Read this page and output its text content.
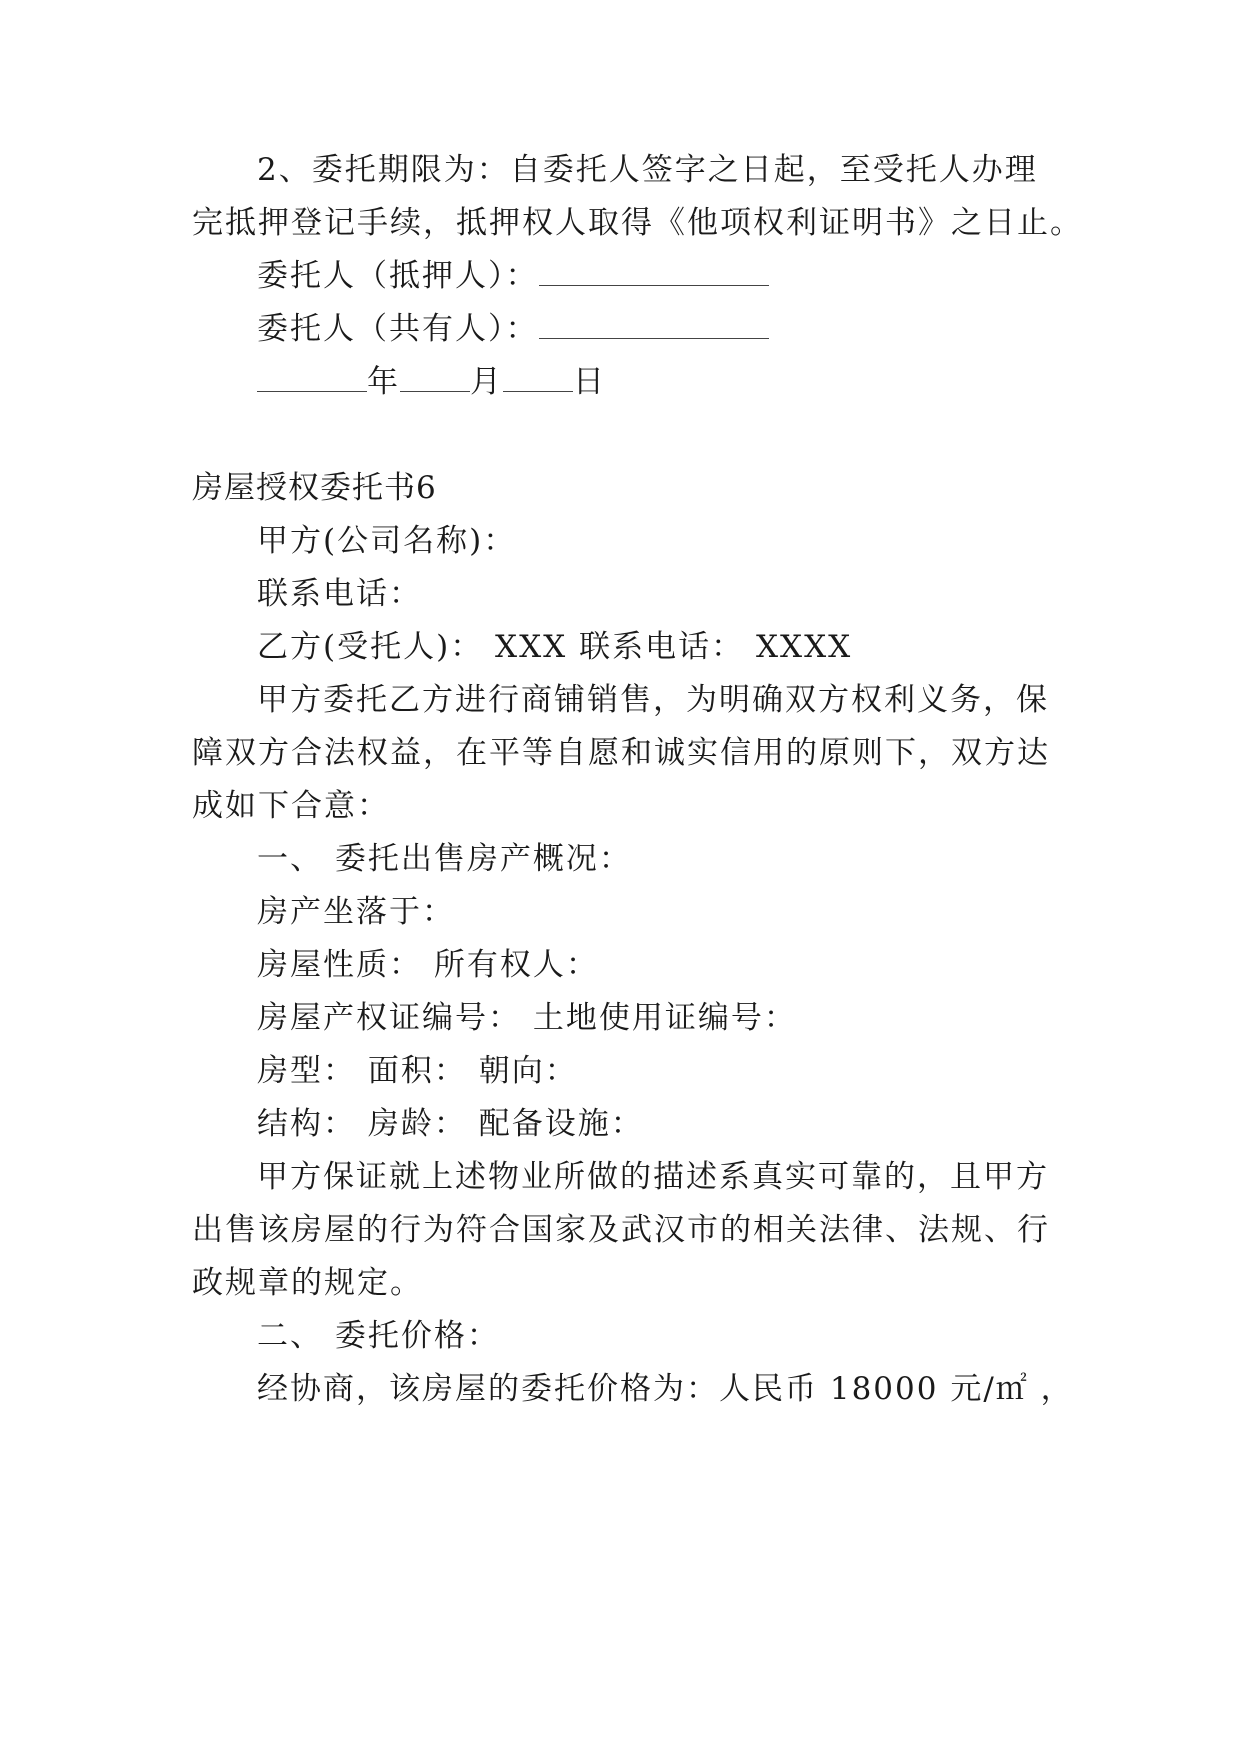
2、委托期限为：自委托人签字之日起，至受托人办理
完抵押登记手续，抵押权人取得《他项权利证明书》之日止。
委托人（抵押人）：
委托人（共有人）：
年 月 日
房屋授权委托书6
甲方(公司名称)：
联系电话：
乙方(受托人)： XXX 联系电话： XXXX
甲方委托乙方进行商铺销售，为明确双方权利义务，保
障双方合法权益，在平等自愿和诚实信用的原则下，双方达
成如下合意：
一、 委托出售房产概况：
房产坐落于：
房屋性质： 所有权人：
房屋产权证编号： 土地使用证编号：
房型： 面积： 朝向：
结构： 房龄： 配备设施：
甲方保证就上述物业所做的描述系真实可靠的，且甲方
出售该房屋的行为符合国家及武汉市的相关法律、法规、行
政规章的规定。
二、 委托价格：
经协商，该房屋的委托价格为：人民币 18000 元/㎡ ，
